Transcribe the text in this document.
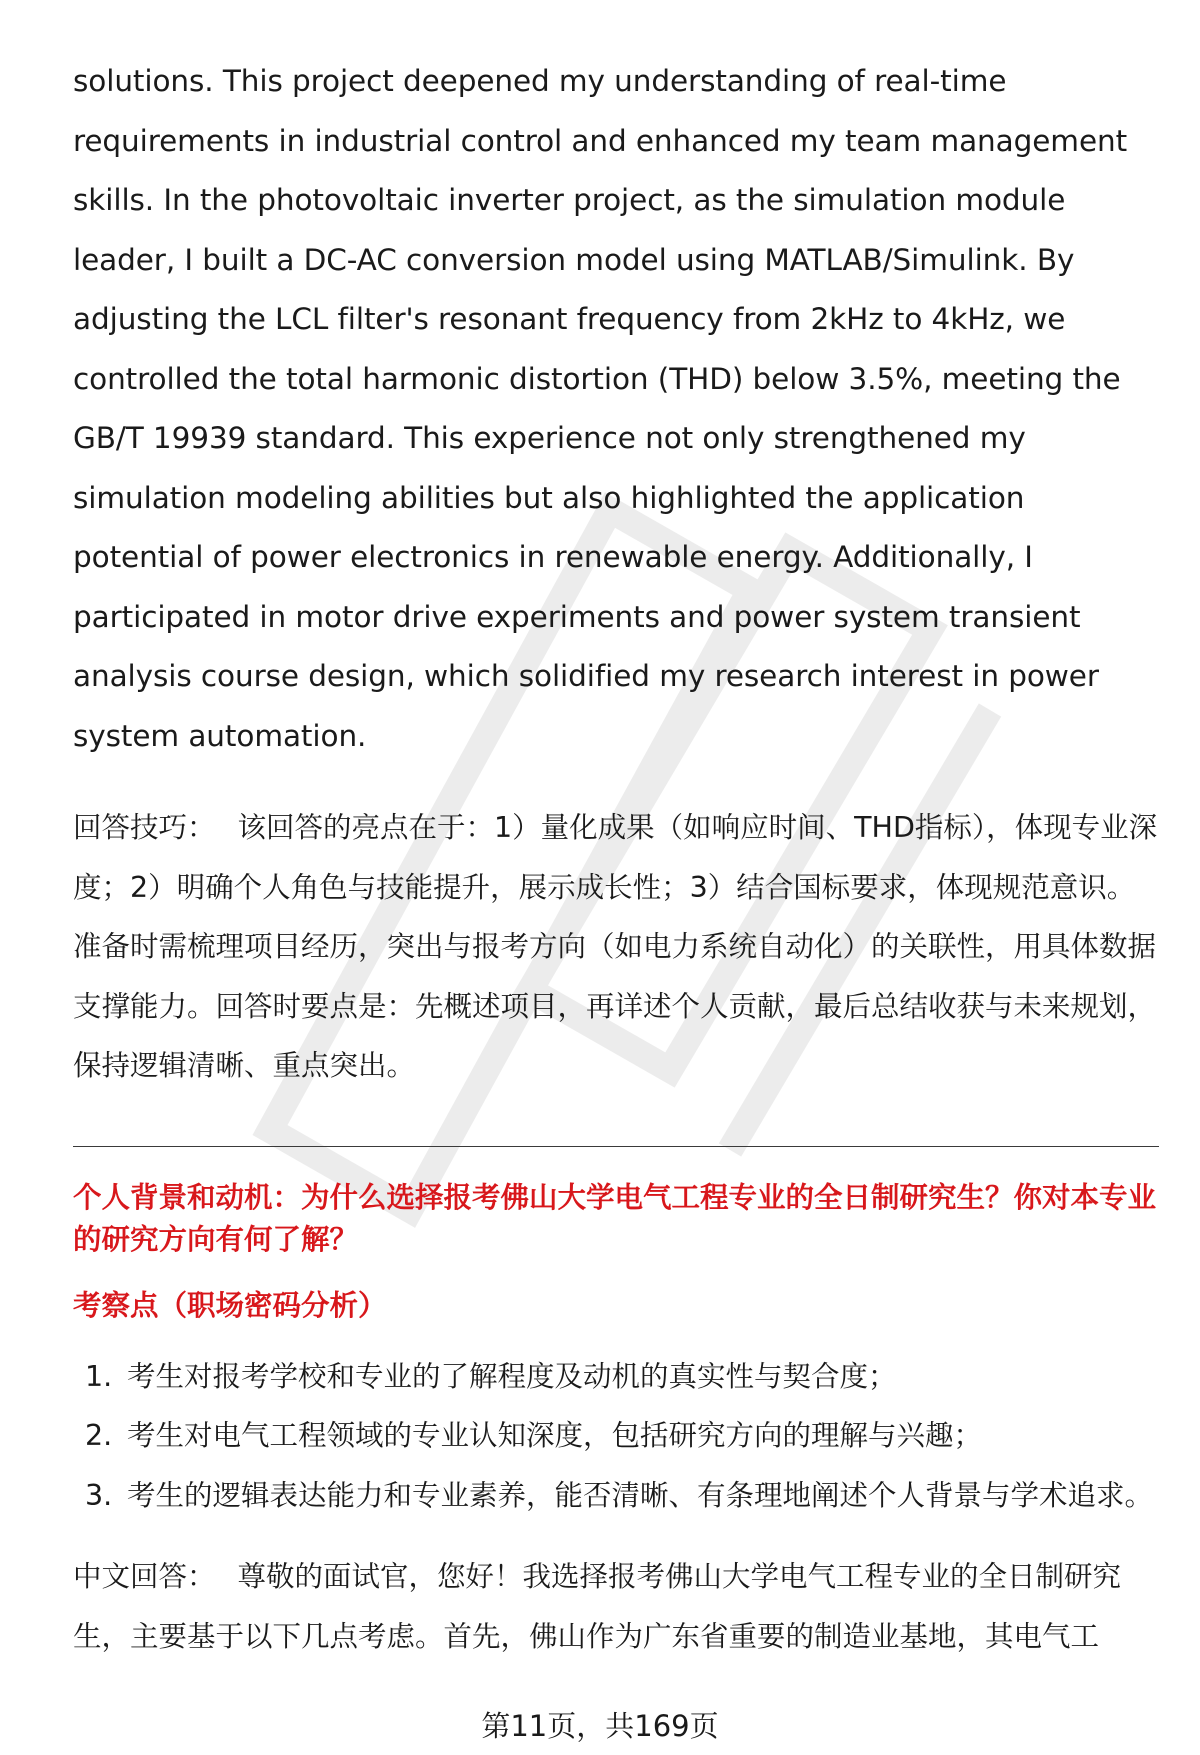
solutions. This project deepened my understanding of real-time requirements in industrial control and enhanced my team management skills. In the photovoltaic inverter project, as the simulation module leader, I built a DC-AC conversion model using MATLAB/Simulink. By adjusting the LCL filter's resonant frequency from 2kHz to 4kHz, we controlled the total harmonic distortion (THD) below 3.5%, meeting the GB/T 19939 standard. This experience not only strengthened my simulation modeling abilities but also highlighted the application potential of power electronics in renewable energy. Additionally, I participated in motor drive experiments and power system transient analysis course design, which solidified my research interest in power system automation.

回答技巧： 该回答的亮点在于：1）量化成果（如响应时间、THD指标），体现专业深度；2）明确个人角色与技能提升，展示成长性；3）结合国标要求，体现规范意识。准备时需梳理项目经历，突出与报考方向（如电力系统自动化）的关联性，用具体数据支撑能力。回答时要点是：先概述项目，再详述个人贡献，最后总结收获与未来规划，保持逻辑清晰、重点突出。

个人背景和动机：为什么选择报考佛山大学电气工程专业的全日制研究生？你对本专业的研究方向有何了解？

考察点（职场密码分析）

1. 考生对报考学校和专业的了解程度及动机的真实性与契合度；
2. 考生对电气工程领域的专业认知深度，包括研究方向的理解与兴趣；
3. 考生的逻辑表达能力和专业素养，能否清晰、有条理地阐述个人背景与学术追求。

中文回答： 尊敬的面试官，您好！我选择报考佛山大学电气工程专业的全日制研究生，主要基于以下几点考虑。首先，佛山作为广东省重要的制造业基地，其电气工

第11页，共169页
